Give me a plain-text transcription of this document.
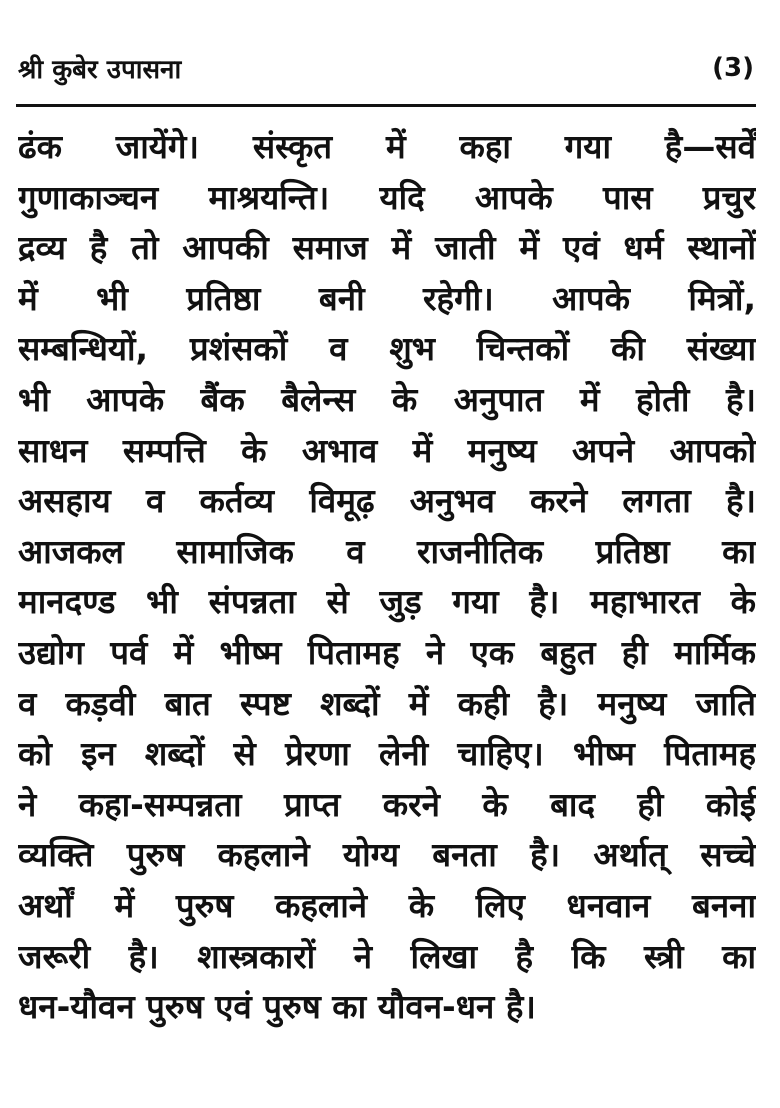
श्री कुबेर उपासना	(3)
ढंक जायेंगे। संस्कृत में कहा गया है—सर्वें
गुणाकाञ्चन माश्रयन्ति। यदि आपके पास प्रचुर
द्रव्य है तो आपकी समाज में जाती में एवं धर्म स्थानों
में भी प्रतिष्ठा बनी रहेगी। आपके मित्रों,
सम्बन्धियों, प्रशंसकों व शुभ चिन्तकों की संख्या
भी आपके बैंक बैलेन्स के अनुपात में होती है।
साधन सम्पत्ति के अभाव में मनुष्य अपने आपको
असहाय व कर्तव्य विमूढ़ अनुभव करने लगता है।
आजकल सामाजिक व राजनीतिक प्रतिष्ठा का
मानदण्ड भी संपन्नता से जुड़ गया है। महाभारत के
उद्योग पर्व में भीष्म पितामह ने एक बहुत ही मार्मिक
व कड़वी बात स्पष्ट शब्दों में कही है। मनुष्य जाति
को इन शब्दों से प्रेरणा लेनी चाहिए। भीष्म पितामह
ने कहा-सम्पन्नता प्राप्त करने के बाद ही कोई
व्यक्ति पुरुष कहलाने योग्य बनता है। अर्थात् सच्चे
अर्थों में पुरुष कहलाने के लिए धनवान बनना
जरूरी है। शास्त्रकारों ने लिखा है कि स्त्री का
धन-यौवन पुरुष एवं पुरुष का यौवन-धन है।
